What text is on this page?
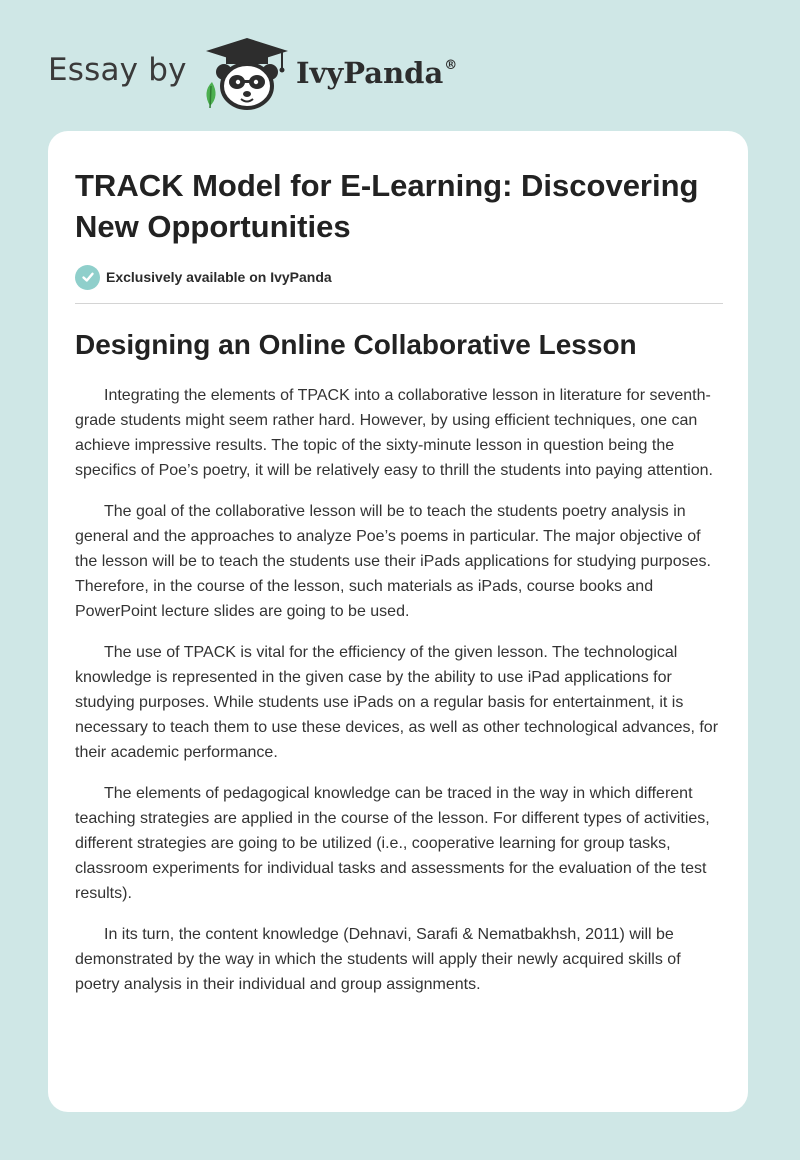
Essay by	IvyPanda®
TRACK Model for E-Learning: Discovering New Opportunities
Exclusively available on IvyPanda
Designing an Online Collaborative Lesson

Integrating the elements of TPACK into a collaborative lesson in literature for seventh-grade students might seem rather hard. However, by using efficient techniques, one can achieve impressive results. The topic of the sixty-minute lesson in question being the specifics of Poe’s poetry, it will be relatively easy to thrill the students into paying attention.

The goal of the collaborative lesson will be to teach the students poetry analysis in general and the approaches to analyze Poe’s poems in particular. The major objective of the lesson will be to teach the students use their iPads applications for studying purposes. Therefore, in the course of the lesson, such materials as iPads, course books and PowerPoint lecture slides are going to be used.

The use of TPACK is vital for the efficiency of the given lesson. The technological knowledge is represented in the given case by the ability to use iPad applications for studying purposes. While students use iPads on a regular basis for entertainment, it is necessary to teach them to use these devices, as well as other technological advances, for their academic performance.

The elements of pedagogical knowledge can be traced in the way in which different teaching strategies are applied in the course of the lesson. For different types of activities, different strategies are going to be utilized (i.e., cooperative learning for group tasks, classroom experiments for individual tasks and assessments for the evaluation of the test results).

In its turn, the content knowledge (Dehnavi, Sarafi & Nematbakhsh, 2011) will be demonstrated by the way in which the students will apply their newly acquired skills of poetry analysis in their individual and group assignments.
